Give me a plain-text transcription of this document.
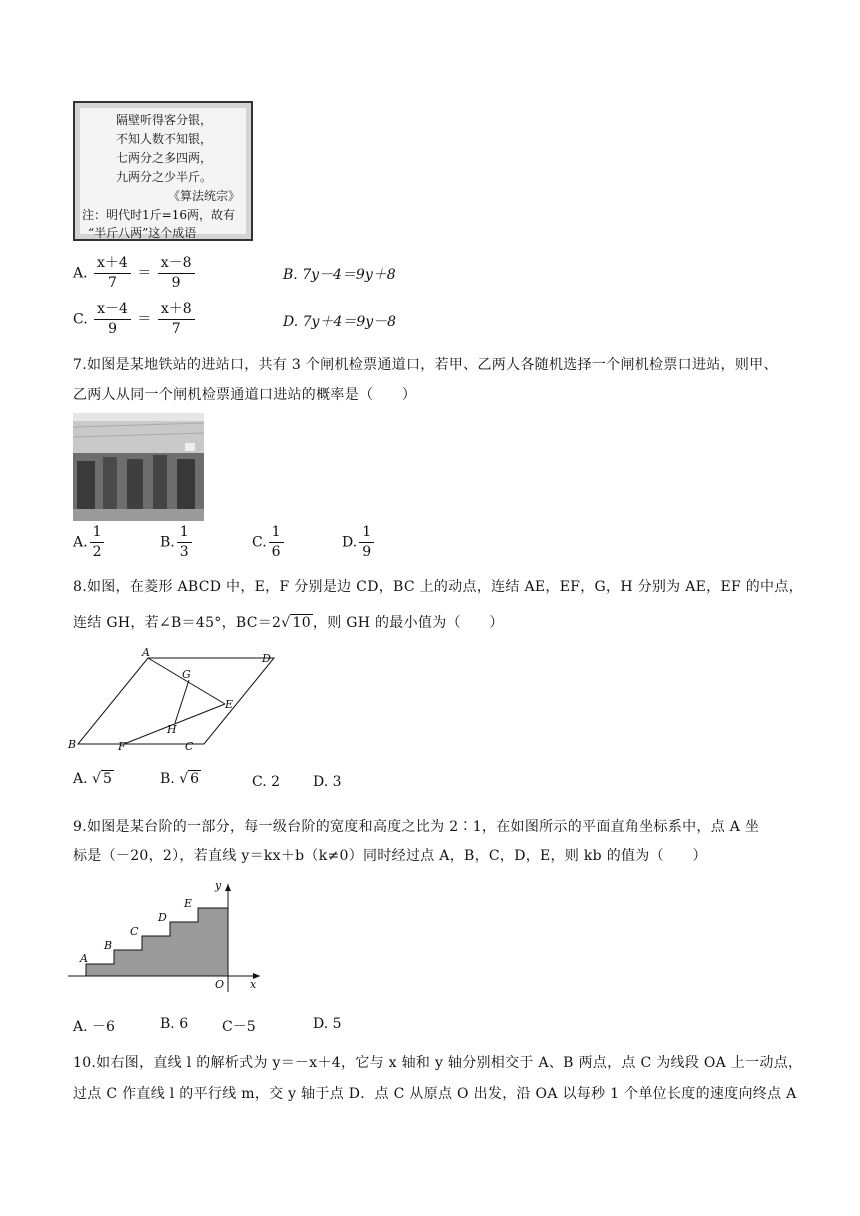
隔壁听得客分银，
不知人数不知银，
七两分之多四两，
九两分之少半斤。
《算法统宗》
注：明代时1斤=16两，故有
“半斤八两”这个成语
A. $\frac{x+4}{7} = \frac{x-8}{9}$	B. 7y－4＝9y＋8
C. $\frac{x-4}{9} = \frac{x+8}{7}$	D. 7y＋4＝9y－8
7.如图是某地铁站的进站口，共有 3 个闸机检票通道口，若甲、乙两人各随机选择一个闸机检票口进站，则甲、
乙两人从同一个闸机检票通道口进站的概率是（　　）
A. $\frac{1}{2}$	B. $\frac{1}{3}$	C. $\frac{1}{6}$	D. $\frac{1}{9}$
8.如图，在菱形 ABCD 中，E，F 分别是边 CD，BC 上的动点，连结 AE，EF，G，H 分别为 AE，EF 的中点，
连结 GH，若∠B＝45°，BC＝2√ 10 ，则 GH 的最小值为（　　）
A	D
G
E
H
B	F	C
A. √ 5	B. √ 6	C. 2 D. 3
9.如图是某台阶的一部分，每一级台阶的宽度和高度之比为 2∶1，在如图所示的平面直角坐标系中，点 A 坐
标是（－20，2），若直线 y＝kx＋b（k≠0）同时经过点 A，B，C，D，E，则 kb 的值为（　　）
A
B
C
D
E
O x
y
A. －6	B. 6 C－5	D. 5
10.如右图，直线 l 的解析式为 y＝－x＋4，它与 x 轴和 y 轴分别相交于 A、B 两点，点 C 为线段 OA 上一动点，
过点 C 作直线 l 的平行线 m，交 y 轴于点 D．点 C 从原点 O 出发，沿 OA 以每秒 1 个单位长度的速度向终点 A
